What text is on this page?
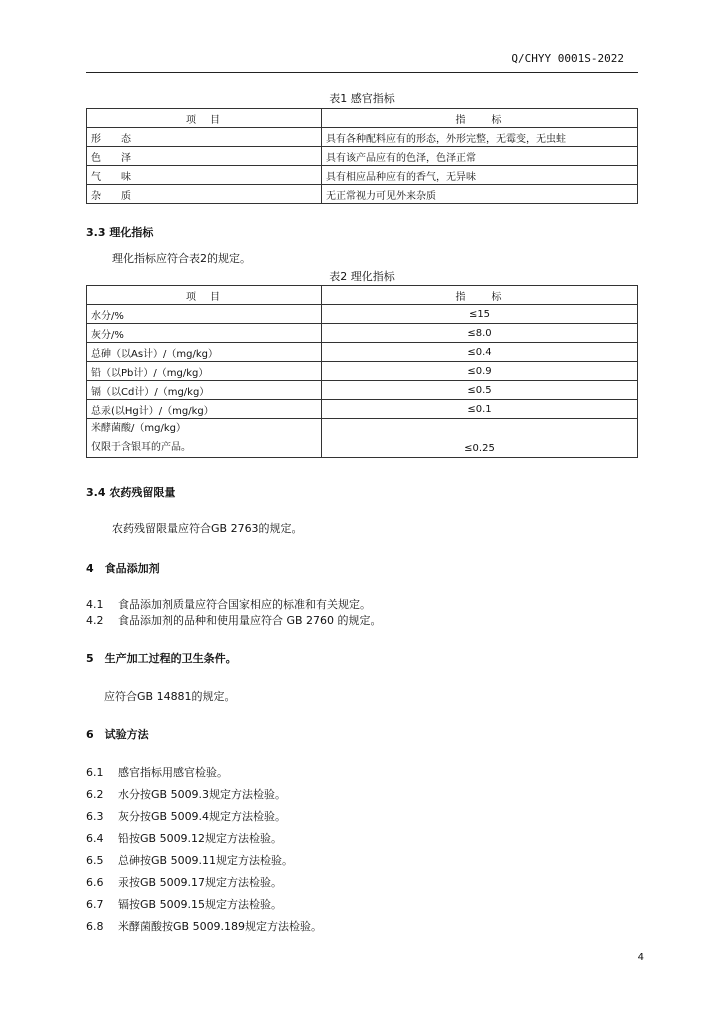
Q/CHYY 0001S-2022
表1 感官指标
项　目	指　　标
形　　态	具有各种配料应有的形态，外形完整，无霉变，无虫蛀
色　　泽	具有该产品应有的色泽，色泽正常
气　　味	具有相应品种应有的香气，无异味
杂　　质	无正常视力可见外来杂质
3.3 理化指标
理化指标应符合表2的规定。
表2 理化指标
项　目	指　　标
水分/%	≤15
灰分/%	≤8.0
总砷（以As计）/（mg/kg）	≤0.4
铅（以Pb计）/（mg/kg）	≤0.9
镉（以Cd计）/（mg/kg）	≤0.5
总汞(以Hg计）/（mg/kg）	≤0.1

米酵菌酸/（mg/kg）
仅限于含银耳的产品。	≤0.25
3.4 农药残留限量
农药残留限量应符合GB 2763的规定。
4　食品添加剂
4.1 食品添加剂质量应符合国家相应的标准和有关规定。
4.2 食品添加剂的品种和使用量应符合 GB 2760 的规定。
5　生产加工过程的卫生条件。
应符合GB 14881的规定。
6　试验方法
6.1 感官指标用感官检验。
6.2 水分按GB 5009.3规定方法检验。
6.3 灰分按GB 5009.4规定方法检验。
6.4 铅按GB 5009.12规定方法检验。
6.5 总砷按GB 5009.11规定方法检验。
6.6 汞按GB 5009.17规定方法检验。
6.7 镉按GB 5009.15规定方法检验。
6.8 米酵菌酸按GB 5009.189规定方法检验。
4
